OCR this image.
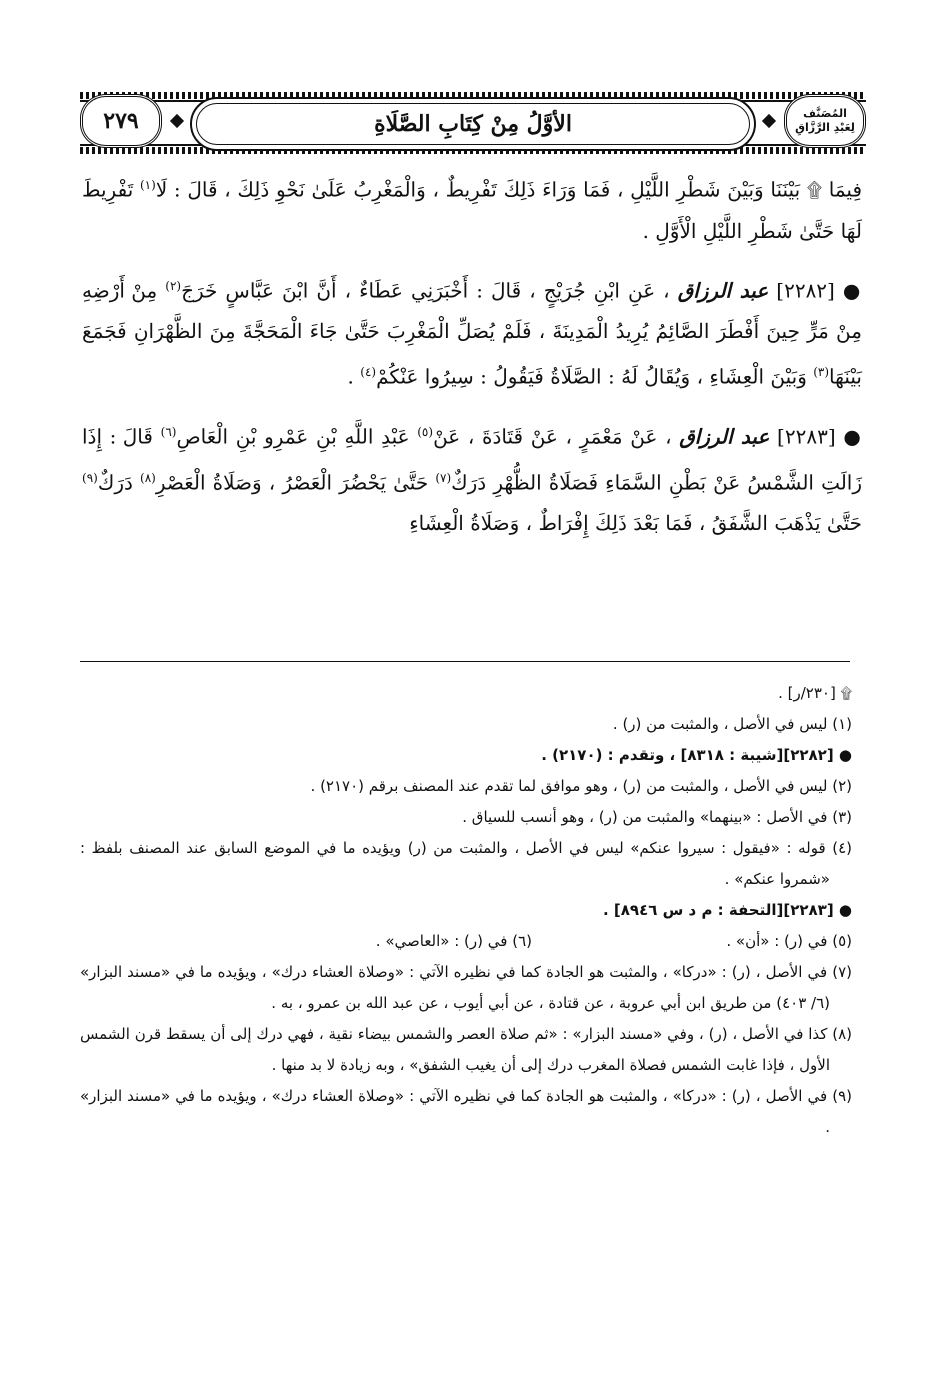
المُصَنَّف
لِعَبْدِ الرَّزَّاقِ
الأوَّلُ مِنْ كِتَابِ الصَّلَاةِ
٢٧٩

فِيمَا ۩ بَيْنَنَا وَبَيْنَ شَطْرِ اللَّيْلِ ، فَمَا وَرَاءَ ذَلِكَ تَفْرِيطٌ ، وَالْمَغْرِبُ عَلَىٰ نَحْوِ ذَلِكَ ، قَالَ : لَا$^{(١)}$ تَفْرِيطَ لَهَا حَتَّىٰ شَطْرِ اللَّيْلِ الْأَوَّلِ .

● [٢٢٨٢] عبد الرزاق ، عَنِ ابْنِ جُرَيْجٍ ، قَالَ : أَخْبَرَنِي عَطَاءٌ ، أَنَّ ابْنَ عَبَّاسٍ خَرَجَ$^{(٢)}$ مِنْ أَرْضِهِ مِنْ مَرٍّ حِينَ أَفْطَرَ الصَّائِمُ يُرِيدُ الْمَدِينَةَ ، فَلَمْ يُصَلِّ الْمَغْرِبَ حَتَّىٰ جَاءَ الْمَحَجَّةَ مِنَ الظَّهْرَانِ فَجَمَعَ بَيْنَهَا$^{(٣)}$ وَبَيْنَ الْعِشَاءِ ، وَيُقَالُ لَهُ : الصَّلَاةُ فَيَقُولُ : سِيرُوا عَنْكُمْ$^{(٤)}$ .

● [٢٢٨٣] عبد الرزاق ، عَنْ مَعْمَرٍ ، عَنْ قَتَادَةَ ، عَنْ$^{(٥)}$ عَبْدِ اللَّهِ بْنِ عَمْرِو بْنِ الْعَاصِ$^{(٦)}$ قَالَ : إِذَا زَالَتِ الشَّمْسُ عَنْ بَطْنِ السَّمَاءِ فَصَلَاةُ الظُّهْرِ دَرَكٌ$^{(٧)}$ حَتَّىٰ يَحْضُرَ الْعَصْرُ ، وَصَلَاةُ الْعَصْرِ$^{(٨)}$ دَرَكٌ$^{(٩)}$ حَتَّىٰ يَذْهَبَ الشَّفَقُ ، فَمَا بَعْدَ ذَلِكَ إِفْرَاطٌ ، وَصَلَاةُ الْعِشَاءِ

۩ [٢٣٠/ر] .

(١) ليس في الأصل ، والمثبت من (ر) .

● [٢٢٨٢][شيبة : ٨٣١٨] ، وتقدم : (٢١٧٠) .

(٢) ليس في الأصل ، والمثبت من (ر) ، وهو موافق لما تقدم عند المصنف برقم (٢١٧٠) .

(٣) في الأصل : «بينهما» والمثبت من (ر) ، وهو أنسب للسياق .

(٤) قوله : «فيقول : سيروا عنكم» ليس في الأصل ، والمثبت من (ر) ويؤيده ما في الموضع السابق عند المصنف بلفظ : «شمروا عنكم» .

● [٢٢٨٣][التحفة : م د س ٨٩٤٦] .

(٥) في (ر) : «أن» .
(٦) في (ر) : «العاصي» .

(٧) في الأصل ، (ر) : «دركا» ، والمثبت هو الجادة كما في نظيره الآتي : «وصلاة العشاء درك» ، ويؤيده ما في «مسند البزار» (٦/ ٤٠٣) من طريق ابن أبي عروبة ، عن قتادة ، عن أبي أيوب ، عن عبد الله بن عمرو ، به .

(٨) كذا في الأصل ، (ر) ، وفي «مسند البزار» : «ثم صلاة العصر والشمس بيضاء نقية ، فهي درك إلى أن يسقط قرن الشمس الأول ، فإذا غابت الشمس فصلاة المغرب درك إلى أن يغيب الشفق» ، وبه زيادة لا بد منها .

(٩) في الأصل ، (ر) : «دركا» ، والمثبت هو الجادة كما في نظيره الآتي : «وصلاة العشاء درك» ، ويؤيده ما في «مسند البزار» .
